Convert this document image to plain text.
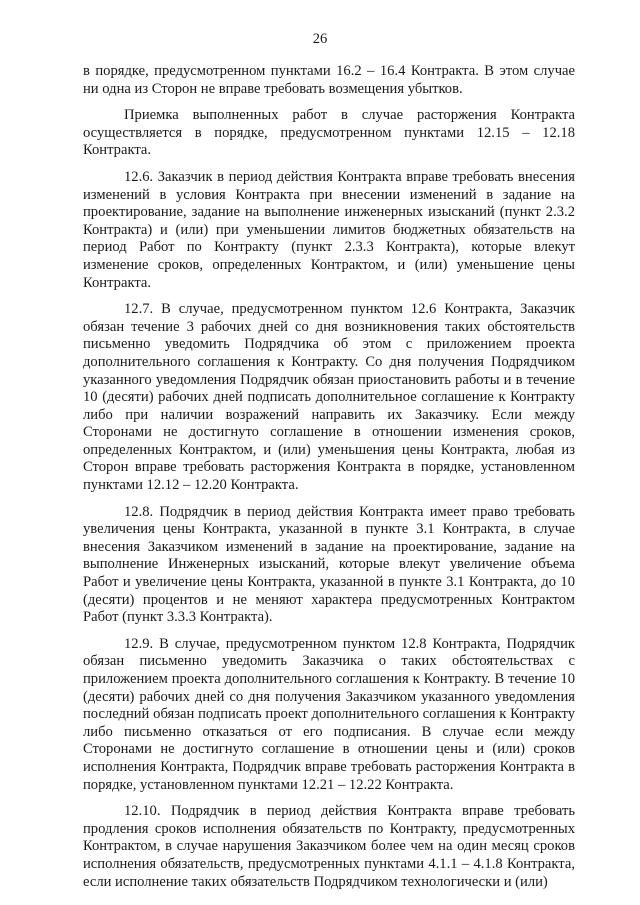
26

в порядке, предусмотренном пунктами 16.2 – 16.4 Контракта. В этом случае ни одна из Сторон не вправе требовать возмещения убытков.

Приемка выполненных работ в случае расторжения Контракта осуществляется в порядке, предусмотренном пунктами 12.15 – 12.18 Контракта.

12.6. Заказчик в период действия Контракта вправе требовать внесения изменений в условия Контракта при внесении изменений в задание на проектирование, задание на выполнение инженерных изысканий (пункт 2.3.2 Контракта) и (или) при уменьшении лимитов бюджетных обязательств на период Работ по Контракту (пункт 2.3.3 Контракта), которые влекут изменение сроков, определенных Контрактом, и (или) уменьшение цены Контракта.

12.7. В случае, предусмотренном пунктом 12.6 Контракта, Заказчик обязан течение 3 рабочих дней со дня возникновения таких обстоятельств письменно уведомить Подрядчика об этом с приложением проекта дополнительного соглашения к Контракту. Со дня получения Подрядчиком указанного уведомления Подрядчик обязан приостановить работы и в течение 10 (десяти) рабочих дней подписать дополнительное соглашение к Контракту либо при наличии возражений направить их Заказчику. Если между Сторонами не достигнуто соглашение в отношении изменения сроков, определенных Контрактом, и (или) уменьшения цены Контракта, любая из Сторон вправе требовать расторжения Контракта в порядке, установленном пунктами 12.12 – 12.20 Контракта.

12.8. Подрядчик в период действия Контракта имеет право требовать увеличения цены Контракта, указанной в пункте 3.1 Контракта, в случае внесения Заказчиком изменений в задание на проектирование, задание на выполнение Инженерных изысканий, которые влекут увеличение объема Работ и увеличение цены Контракта, указанной в пункте 3.1 Контракта, до 10 (десяти) процентов и не меняют характера предусмотренных Контрактом Работ (пункт 3.3.3 Контракта).

12.9. В случае, предусмотренном пунктом 12.8 Контракта, Подрядчик обязан письменно уведомить Заказчика о таких обстоятельствах с приложением проекта дополнительного соглашения к Контракту. В течение 10 (десяти) рабочих дней со дня получения Заказчиком указанного уведомления последний обязан подписать проект дополнительного соглашения к Контракту либо письменно отказаться от его подписания. В случае если между Сторонами не достигнуто соглашение в отношении цены и (или) сроков исполнения Контракта, Подрядчик вправе требовать расторжения Контракта в порядке, установленном пунктами 12.21 – 12.22 Контракта.

12.10. Подрядчик в период действия Контракта вправе требовать продления сроков исполнения обязательств по Контракту, предусмотренных Контрактом, в случае нарушения Заказчиком более чем на один месяц сроков исполнения обязательств, предусмотренных пунктами 4.1.1 – 4.1.8 Контракта, если исполнение таких обязательств Подрядчиком технологически и (или)
